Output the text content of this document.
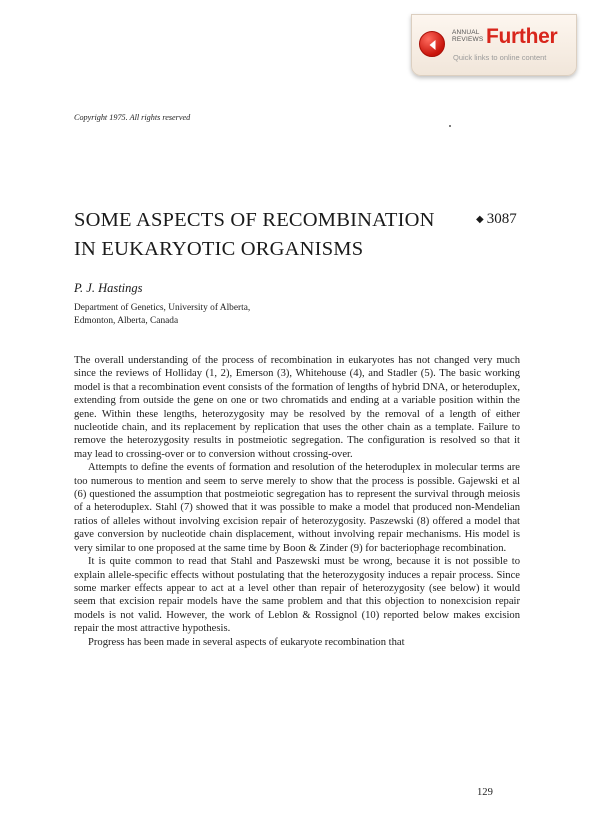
ANNUAL
REVIEWS Further
Quick links to online content
Copyright 1975. All rights reserved
SOME ASPECTS OF RECOMBINATION
IN EUKARYOTIC ORGANISMS
◆ 3087
P. J. Hastings
Department of Genetics, University of Alberta,
Edmonton, Alberta, Canada

The overall understanding of the process of recombination in eukaryotes has not changed very much since the reviews of Holliday (1, 2), Emerson (3), Whitehouse (4), and Stadler (5). The basic working model is that a recombination event consists of the formation of lengths of hybrid DNA, or heteroduplex, extending from outside the gene on one or two chromatids and ending at a variable position within the gene. Within these lengths, heterozygosity may be resolved by the removal of a length of either nucleotide chain, and its replacement by replication that uses the other chain as a template. Failure to remove the heterozygosity results in postmeiotic segregation. The configuration is resolved so that it may lead to crossing-over or to conversion without crossing-over.

Attempts to define the events of formation and resolution of the heteroduplex in molecular terms are too numerous to mention and seem to serve merely to show that the process is possible. Gajewski et al (6) questioned the assumption that postmeiotic segregation has to represent the survival through meiosis of a heteroduplex. Stahl (7) showed that it was possible to make a model that produced non-Mendelian ratios of alleles without involving excision repair of heterozygosity. Paszewski (8) offered a model that gave conversion by nucleotide chain displacement, without involving repair mechanisms. His model is very similar to one proposed at the same time by Boon & Zinder (9) for bacteriophage recombination.

It is quite common to read that Stahl and Paszewski must be wrong, because it is not possible to explain allele-specific effects without postulating that the heterozygosity induces a repair process. Since some marker effects appear to act at a level other than repair of heterozygosity (see below) it would seem that excision repair models have the same problem and that this objection to nonexcision repair models is not valid. However, the work of Leblon & Rossignol (10) reported below makes excision repair the most attractive hypothesis.

Progress has been made in several aspects of eukaryote recombination that

129
